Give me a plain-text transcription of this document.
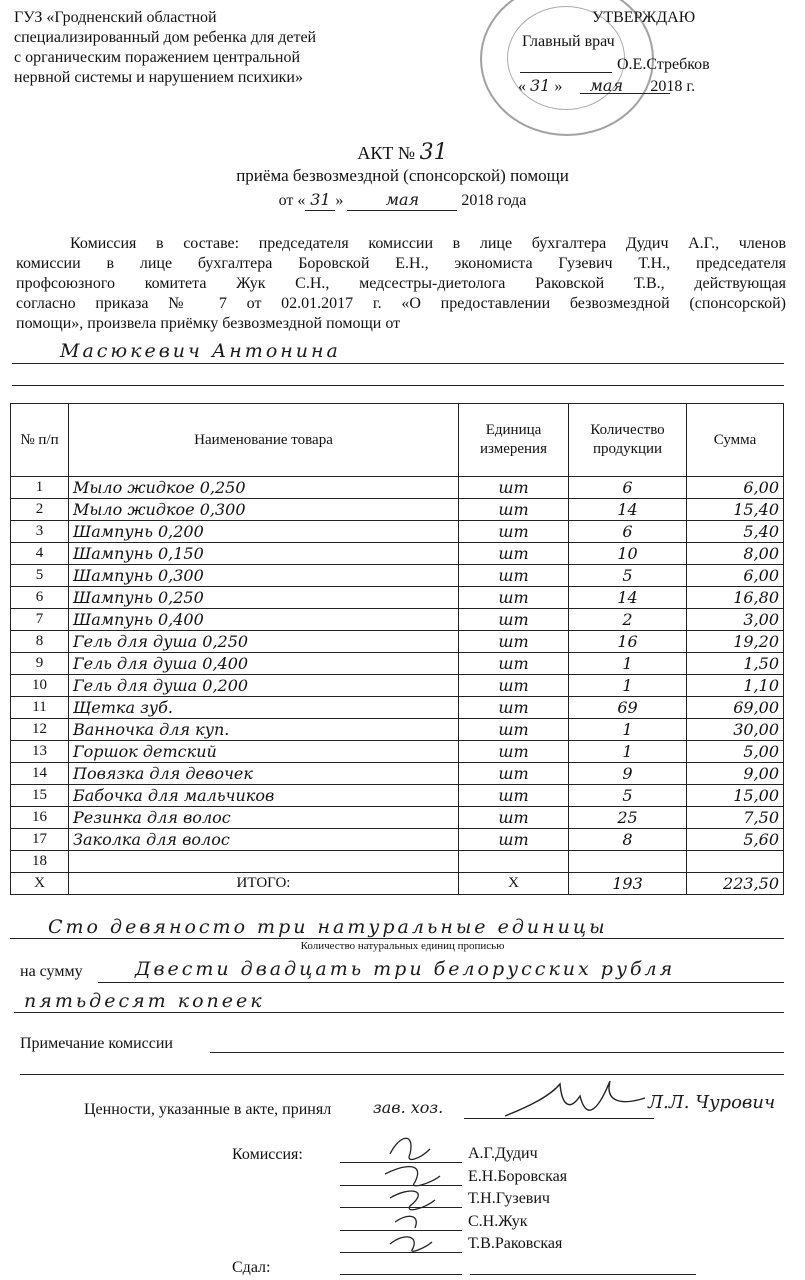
ГУЗ «Гродненский областной
специализированный дом ребенка для детей
с органическим поражением центральной
нервной системы и нарушением психики»
УТВЕРЖДАЮ
Главный врач
О.Е.Стребков
« 31 » мая 2018 г.
АКТ № 31
приёма безвозмездной (спонсорской) помощи
от « 31 »	мая	2018 года
Комиссия в составе: председателя комиссии в лице бухгалтера Дудич А.Г., членов
комиссии в лице бухгалтера Боровской Е.Н., экономиста Гузевич Т.Н., председателя
профсоюзного комитета Жук С.Н., медсестры-диетолога Раковской Т.В., действующая
согласно приказа № 7 от 02.01.2017 г. «О предоставлении безвозмездной (спонсорской)
помощи», произвела приёмку безвозмездной помощи от
Масюкевич Антонина
№ п/п	Наименование товара	Единица измерения	Количество продукции	Сумма
1	Мыло жидкое 0,250	шт	6	6,00
2	Мыло жидкое 0,300	шт	14	15,40
3	Шампунь 0,200	шт	6	5,40
4	Шампунь 0,150	шт	10	8,00
5	Шампунь 0,300	шт	5	6,00
6	Шампунь 0,250	шт	14	16,80
7	Шампунь 0,400	шт	2	3,00
8	Гель для душа 0,250	шт	16	19,20
9	Гель для душа 0,400	шт	1	1,50
10	Гель для душа 0,200	шт	1	1,10
11	Щетка зуб.	шт	69	69,00
12	Ванночка для куп.	шт	1	30,00
13	Горшок детский	шт	1	5,00
14	Повязка для девочек	шт	9	9,00
15	Бабочка для мальчиков	шт	5	15,00
16	Резинка для волос	шт	25	7,50
17	Заколка для волос	шт	8	5,60
18				
Х	ИТОГО:	Х	193	223,50
Сто девяносто три натуральные единицы
Количество натуральных единиц прописью
на сумму	Двести двадцать три белорусских рубля
пятьдесят копеек
Примечание комиссии
Ценности, указанные в акте, принял	зав. хоз.	Л.Л. Чурович
Комиссия:	А.Г.Дудич
Е.Н.Боровская
Т.Н.Гузевич
С.Н.Жук
Т.В.Раковская
Сдал:
